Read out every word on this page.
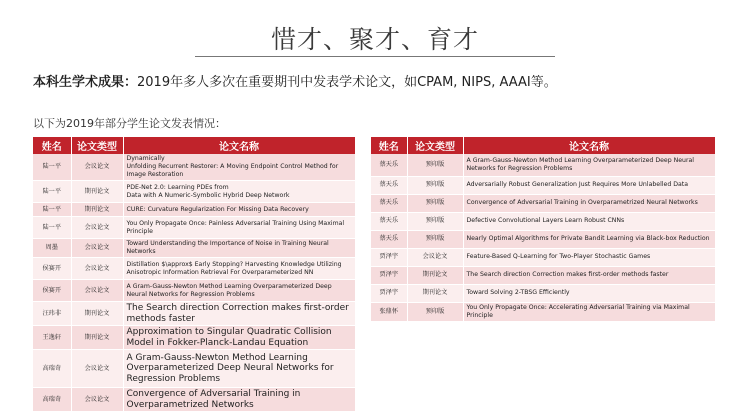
惜才、聚才、育才
本科生学术成果：2019年多人多次在重要期刊中发表学术论文，如CPAM, NIPS, AAAI等。
以下为2019年部分学生论文发表情况：
姓名	论文类型	论文名称
陆一平	会议论文	Dynamically
Unfolding Recurrent Restorer: A Moving Endpoint Control Method for Image Restoration
陆一平	期刊论文	PDE-Net 2.0: Learning PDEs from
Data with A Numeric-Symbolic Hybrid Deep Network
陆一平	期刊论文	CURE: Curvature Regularization For Missing Data Recovery
陆一平	会议论文	You Only Propagate Once: Painless Adversarial Training Using Maximal Principle
周墨	会议论文	Toward Understanding the Importance of Noise in Training Neural Networks
侯赛开	会议论文	Distillation $\approx$ Early Stopping? Harvesting Knowledge Utilizing Anisotropic Information Retrieval For Overparameterized NN
侯赛开	会议论文	A Gram-Gauss-Newton Method Learning Overparameterized Deep Neural Networks for Regression Problems
汪玮非	期刊论文	The Search direction Correction makes first-order methods faster
王逸轩	期刊论文	Approximation to Singular Quadratic Collision Model in Fokker-Planck-Landau Equation
高瑞奇	会议论文	A Gram-Gauss-Newton Method Learning Overparameterized Deep Neural Networks for Regression Problems
高瑞奇	会议论文	Convergence of Adversarial Training in Overparametrized Networks
姓名	论文类型	论文名称
蔡天乐	预印版	A Gram-Gauss-Newton Method Learning Overparameterized Deep Neural Networks for Regression Problems
蔡天乐	预印版	Adversarially Robust Generalization Just Requires More Unlabelled Data
蔡天乐	预印版	Convergence of Adversarial Training in Overparametrized Neural Networks
蔡天乐	预印版	Defective Convolutional Layers Learn Robust CNNs
蔡天乐	预印版	Nearly Optimal Algorithms for Private Bandit Learning via Black-box Reduction
贾泽宇	会议论文	Feature-Based Q-Learning for Two-Player Stochastic Games
贾泽宇	期刊论文	The Search direction Correction makes first-order methods faster
贾泽宇	期刊论文	Toward Solving 2-TBSG Efficiently
张鼎怀	预印版	You Only Propagate Once: Accelerating Adversarial Training via Maximal Principle
